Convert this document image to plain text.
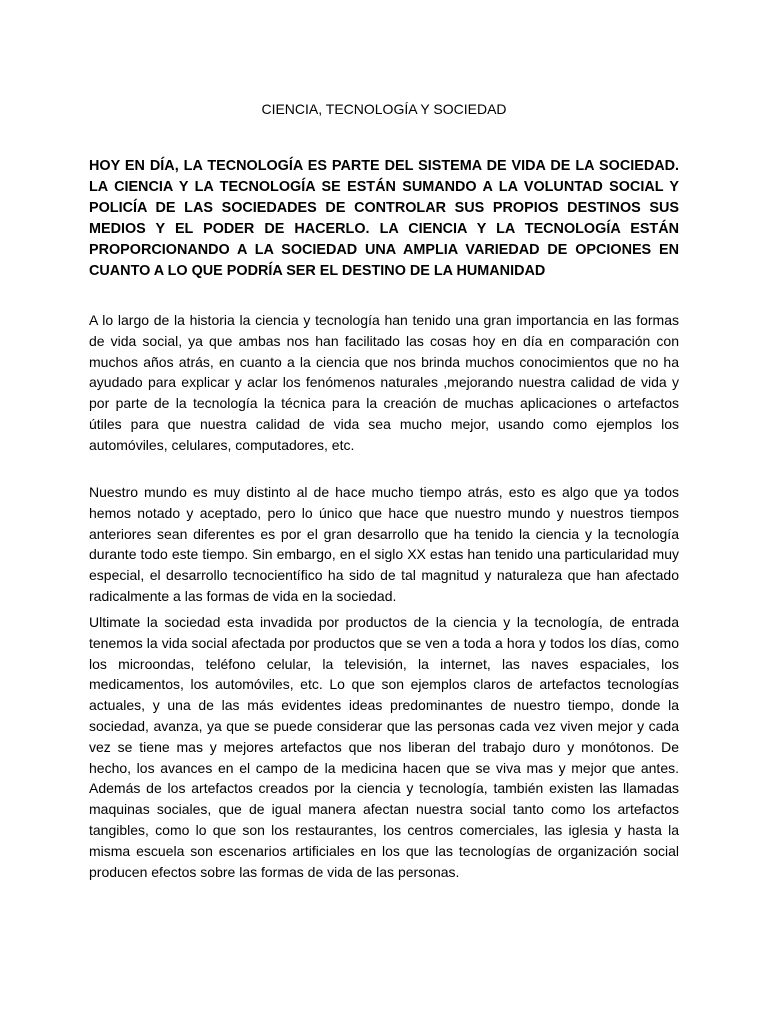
CIENCIA, TECNOLOGÍA Y SOCIEDAD

HOY EN DÍA, LA TECNOLOGÍA ES PARTE DEL SISTEMA DE VIDA DE LA SOCIEDAD. LA CIENCIA Y LA TECNOLOGÍA SE ESTÁN SUMANDO A LA VOLUNTAD SOCIAL Y POLICÍA DE LAS SOCIEDADES DE CONTROLAR SUS PROPIOS DESTINOS SUS MEDIOS Y EL PODER DE HACERLO. LA CIENCIA Y LA TECNOLOGÍA ESTÁN PROPORCIONANDO A LA SOCIEDAD UNA AMPLIA VARIEDAD DE OPCIONES EN CUANTO A LO QUE PODRÍA SER EL DESTINO DE LA HUMANIDAD

A lo largo de la historia la ciencia y tecnología han tenido una gran importancia en las formas de vida social, ya que ambas nos han facilitado las cosas hoy en día en comparación con muchos años atrás, en cuanto a la ciencia que nos brinda muchos conocimientos que no ha ayudado para explicar y aclar los fenómenos naturales ,mejorando nuestra calidad de vida y por parte de la tecnología la técnica para la creación de muchas aplicaciones o artefactos útiles para que nuestra calidad de vida sea mucho mejor, usando como ejemplos los automóviles, celulares, computadores, etc.

Nuestro mundo es muy distinto al de hace mucho tiempo atrás, esto es algo que ya todos hemos notado y aceptado, pero lo único que hace que nuestro mundo y nuestros tiempos anteriores sean diferentes es por el gran desarrollo que ha tenido la ciencia y la tecnología durante todo este tiempo. Sin embargo, en el siglo XX estas han tenido una particularidad muy especial, el desarrollo tecnocientífico ha sido de tal magnitud y naturaleza que han afectado radicalmente a las formas de vida en la sociedad.

Ultimate la sociedad esta invadida por productos de la ciencia y la tecnología, de entrada tenemos la vida social afectada por productos que se ven a toda a hora y todos los días, como los microondas, teléfono celular, la televisión, la internet, las naves espaciales, los medicamentos, los automóviles, etc. Lo que son ejemplos claros de artefactos tecnologías actuales, y una de las más evidentes ideas predominantes de nuestro tiempo, donde la sociedad, avanza, ya que se puede considerar que las personas cada vez viven mejor y cada vez se tiene mas y mejores artefactos que nos liberan del trabajo duro y monótonos. De hecho, los avances en el campo de la medicina hacen que se viva mas y mejor que antes. Además de los artefactos creados por la ciencia y tecnología, también existen las llamadas maquinas sociales, que de igual manera afectan nuestra social tanto como los artefactos tangibles, como lo que son los restaurantes, los centros comerciales, las iglesia y hasta la misma escuela son escenarios artificiales en los que las tecnologías de organización social producen efectos sobre las formas de vida de las personas.
